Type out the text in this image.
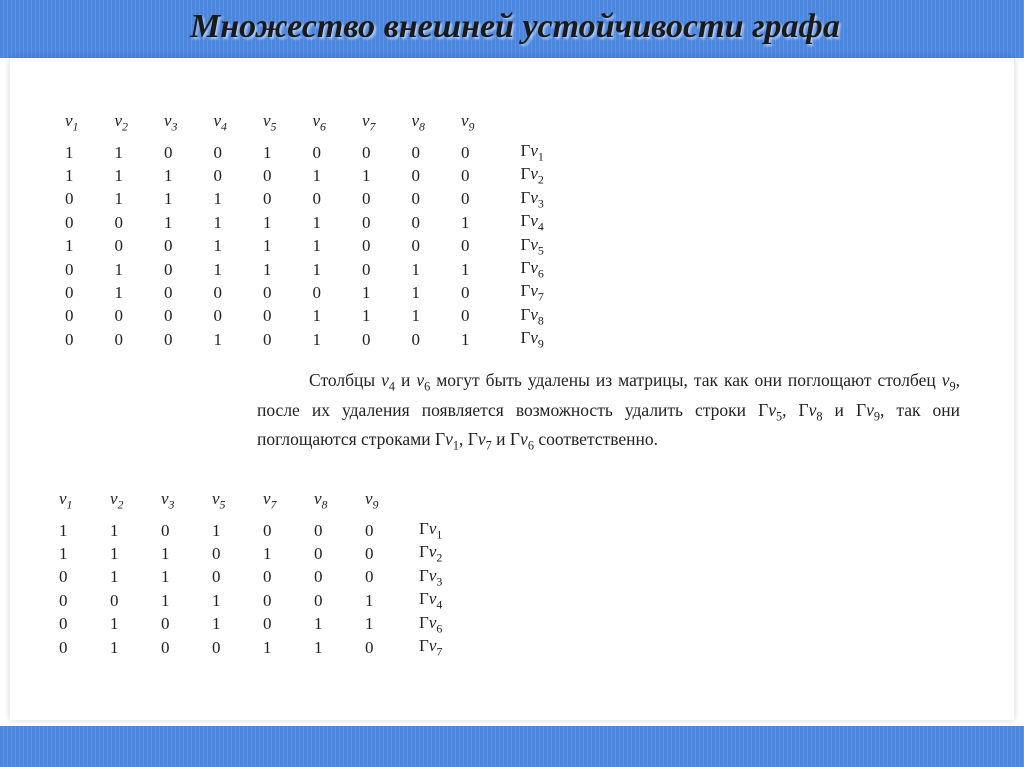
Множество внешней устойчивости графа
$v_1$	$v_2$	$v_3$	$v_4$	$v_5$	$v_6$	$v_7$	$v_8$	$v_9$	
1	1	0	0	1	0	0	0	0	$Гv_1$
1	1	1	0	0	1	1	0	0	$Гv_2$
0	1	1	1	0	0	0	0	0	$Гv_3$
0	0	1	1	1	1	0	0	1	$Гv_4$
1	0	0	1	1	1	0	0	0	$Гv_5$
0	1	0	1	1	1	0	1	1	$Гv_6$
0	1	0	0	0	0	1	1	0	$Гv_7$
0	0	0	0	0	1	1	1	0	$Гv_8$
0	0	0	1	0	1	0	0	1	$Гv_9$

Столбцы $v_4$ и $v_6$ могут быть удалены из матрицы, так как они поглощают столбец $v_9$, после их удаления появляется возможность удалить строки $Гv_5$, $Гv_8$ и $Гv_9$, так они поглощаются строками $Гv_1$, $Гv_7$ и $Гv_6$ соответственно.

$v_1$	$v_2$	$v_3$	$v_5$	$v_7$	$v_8$	$v_9$	
1	1	0	1	0	0	0	$Гv_1$
1	1	1	0	1	0	0	$Гv_2$
0	1	1	0	0	0	0	$Гv_3$
0	0	1	1	0	0	1	$Гv_4$
0	1	0	1	0	1	1	$Гv_6$
0	1	0	0	1	1	0	$Гv_7$
